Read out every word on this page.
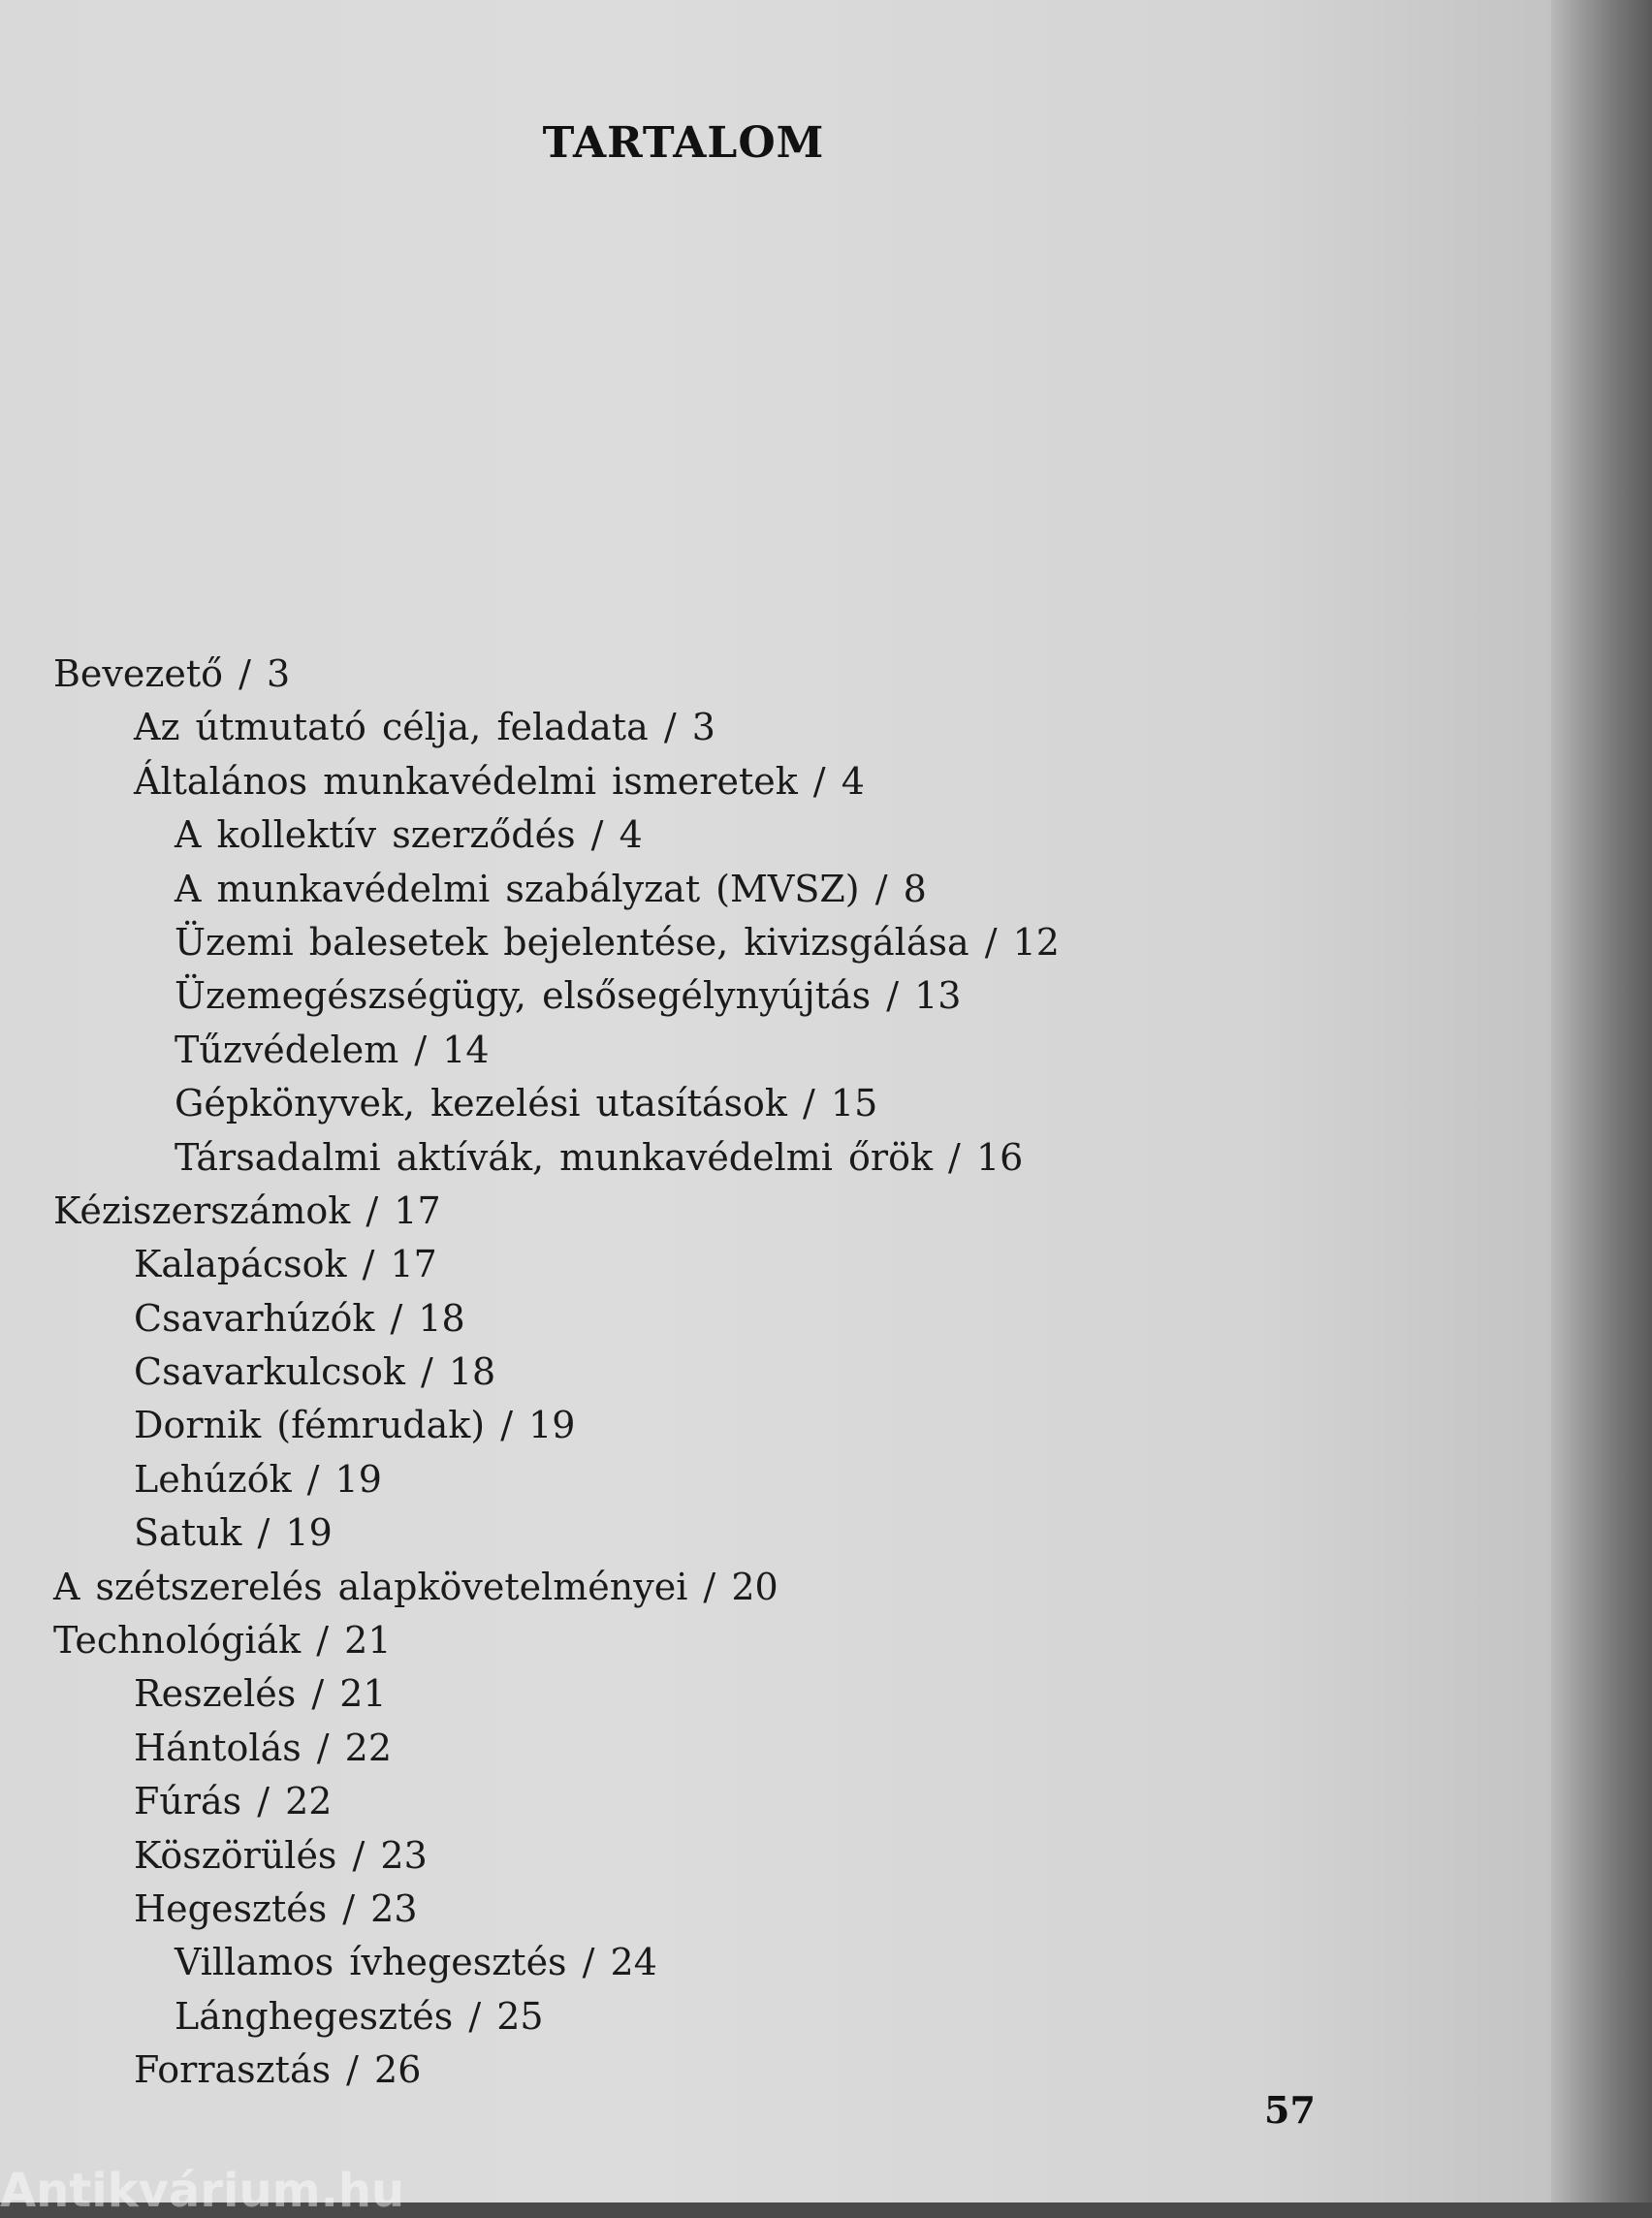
TARTALOM
Bevezető / 3
Az útmutató célja, feladata / 3
Általános munkavédelmi ismeretek / 4
A kollektív szerződés / 4
A munkavédelmi szabályzat (MVSZ) / 8
Üzemi balesetek bejelentése, kivizsgálása / 12
Üzemegészségügy, elsősegélynyújtás / 13
Tűzvédelem / 14
Gépkönyvek, kezelési utasítások / 15
Társadalmi aktívák, munkavédelmi őrök / 16
Kéziszerszámok / 17
Kalapácsok / 17
Csavarhúzók / 18
Csavarkulcsok / 18
Dornik (fémrudak) / 19
Lehúzók / 19
Satuk / 19
A szétszerelés alapkövetelményei / 20
Technológiák / 21
Reszelés / 21
Hántolás / 22
Fúrás / 22
Köszörülés / 23
Hegesztés / 23
Villamos ívhegesztés / 24
Lánghegesztés / 25
Forrasztás / 26
57
Antikvárium.hu
